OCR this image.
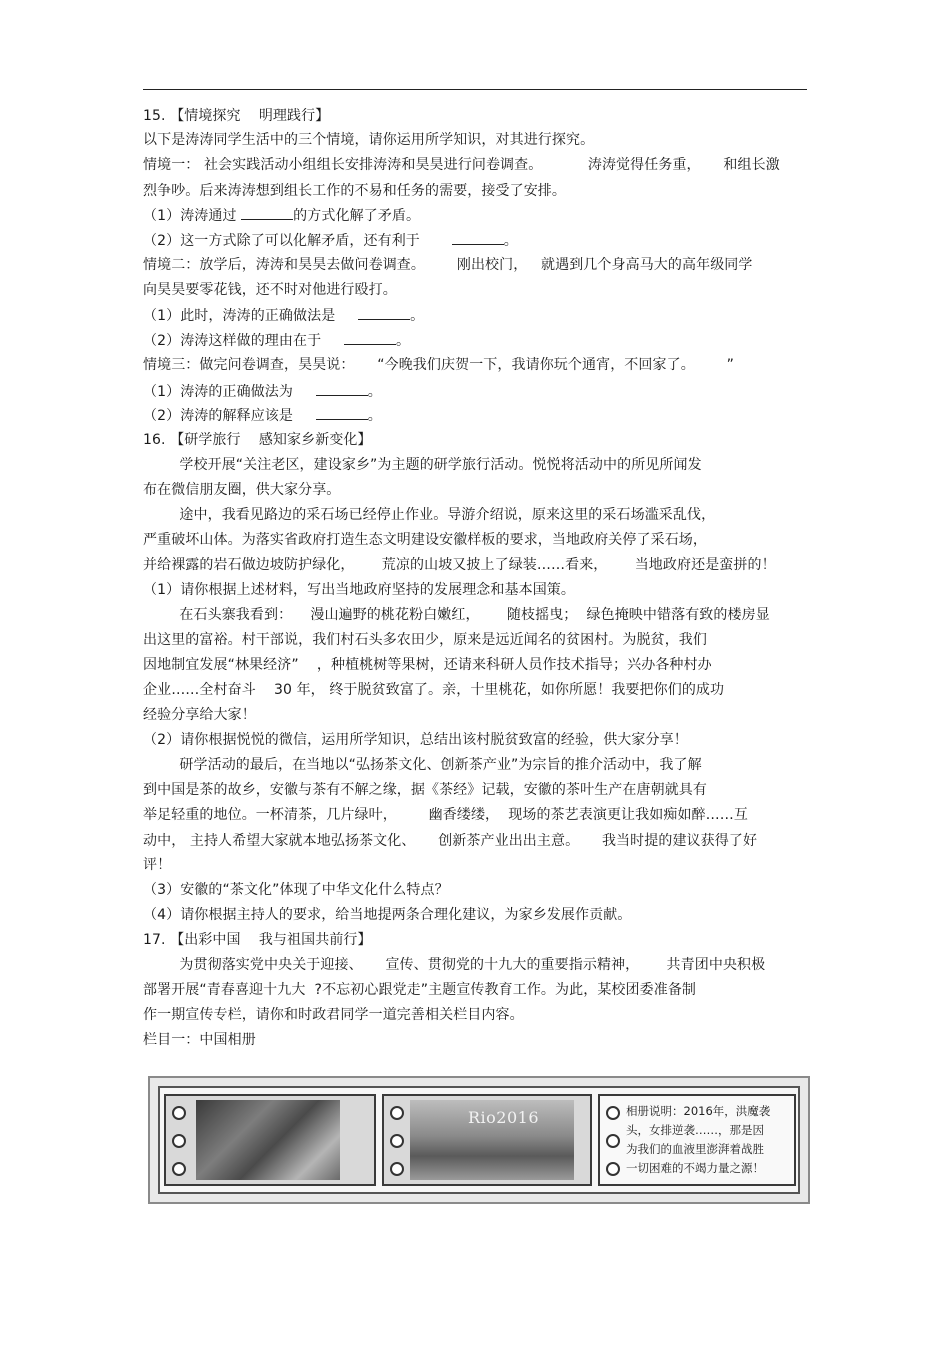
15. 【情境探究    明理践行】
以下是涛涛同学生活中的三个情境，请你运用所学知识，对其进行探究。
情境一： 社会实践活动小组组长安排涛涛和昊昊进行问卷调查。          涛涛觉得任务重，     和组长激
烈争吵。后来涛涛想到组长工作的不易和任务的需要，接受了安排。
（1）涛涛通过	的方式化解了矛盾。
（2）这一方式除了可以化解矛盾，还有利于	。
情境二：放学后，涛涛和昊昊去做问卷调查。       刚出校门，   就遇到几个身高马大的高年级同学
向昊昊要零花钱，还不时对他进行殴打。
（1）此时，涛涛的正确做法是	。
（2）涛涛这样做的理由在于	。
情境三：做完问卷调查，昊昊说：     “今晚我们庆贺一下，我请你玩个通宵，不回家了。       ”
（1）涛涛的正确做法为	。
（2）涛涛的解释应该是	。
16. 【研学旅行    感知家乡新变化】
学校开展“关注老区，建设家乡”为主题的研学旅行活动。悦悦将活动中的所见所闻发
布在微信朋友圈，供大家分享。
途中，我看见路边的采石场已经停止作业。导游介绍说，原来这里的采石场滥采乱伐，
严重破坏山体。为落实省政府打造生态文明建设安徽样板的要求，当地政府关停了采石场，
并给裸露的岩石做边坡防护绿化，      荒凉的山坡又披上了绿装……看来，      当地政府还是蛮拼的！
（1）请你根据上述材料，写出当地政府坚持的发展理念和基本国策。
在石头寨我看到：    漫山遍野的桃花粉白嫩红，      随枝摇曳；  绿色掩映中错落有致的楼房显
出这里的富裕。村干部说，我们村石头多农田少，原来是远近闻名的贫困村。为脱贫，我们
因地制宜发展“林果经济”    ，种植桃树等果树，还请来科研人员作技术指导；兴办各种村办
企业……全村奋斗    30 年， 终于脱贫致富了。亲，十里桃花，如你所愿！我要把你们的成功
经验分享给大家！
（2）请你根据悦悦的微信，运用所学知识，总结出该村脱贫致富的经验，供大家分享！
研学活动的最后，在当地以“弘扬茶文化、创新茶产业”为宗旨的推介活动中，我了解
到中国是茶的故乡，安徽与茶有不解之缘，据《茶经》记载，安徽的茶叶生产在唐朝就具有
举足轻重的地位。一杯清茶，几片绿叶，       幽香缕缕，  现场的茶艺表演更让我如痴如醉……互
动中， 主持人希望大家就本地弘扬茶文化、     创新茶产业出出主意。     我当时提的建议获得了好
评！
（3）安徽的“茶文化”体现了中华文化什么特点？
（4）请你根据主持人的要求，给当地提两条合理化建议，为家乡发展作贡献。
17. 【出彩中国    我与祖国共前行】
为贯彻落实党中央关于迎接、     宣传、贯彻党的十九大的重要指示精神，      共青团中央积极
部署开展“青春喜迎十九大  ?不忘初心跟党走”主题宣传教育工作。为此，某校团委准备制
作一期宣传专栏，请你和时政君同学一道完善相关栏目内容。
栏目一：中国相册
Rio2016	相册说明：2016年，洪魔袭
头，女排逆袭……，那是因
为我们的血液里澎湃着战胜
一切困难的不竭力量之源！
